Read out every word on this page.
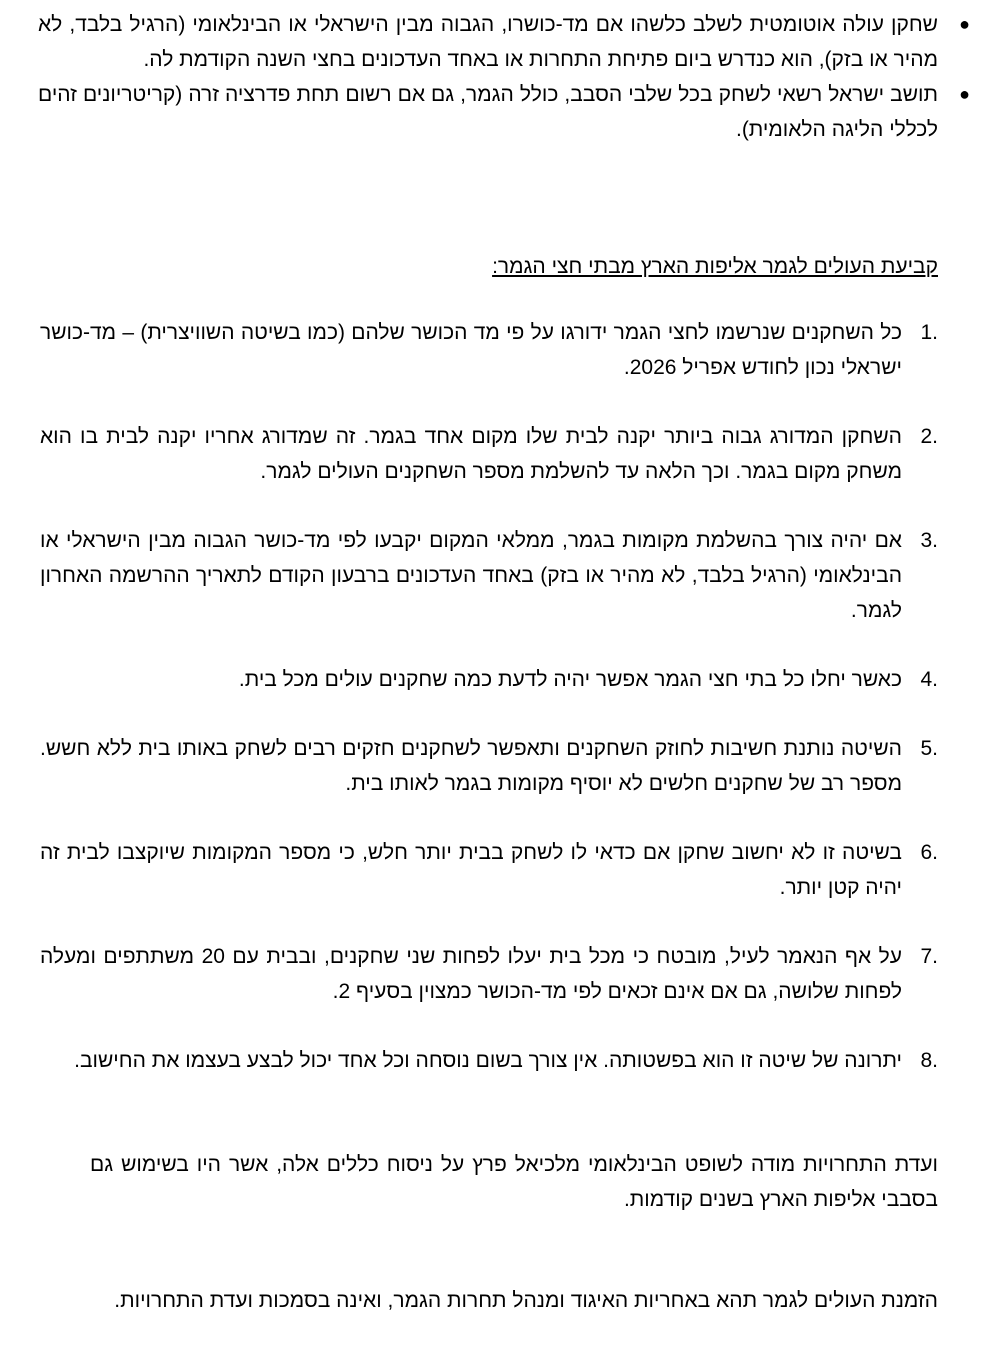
●
שחקן עולה אוטומטית לשלב כלשהו אם מד-כושרו, הגבוה מבין הישראלי או הבינלאומי (הרגיל בלבד, לא מהיר או בזק), הוא כנדרש ביום פתיחת התחרות או באחד העדכונים בחצי השנה הקודמת לה.
●
תושב ישראל רשאי לשחק בכל שלבי הסבב, כולל הגמר, גם אם רשום תחת פדרציה זרה (קריטריונים זהים לכללי הליגה הלאומית).
קביעת העולים לגמר אליפות הארץ מבתי חצי הגמר:
1.
כל השחקנים שנרשמו לחצי הגמר ידורגו על פי מד הכושר שלהם (כמו בשיטה השוויצרית) – מד-כושר ישראלי נכון לחודש אפריל 2026.
2.
השחקן המדורג גבוה ביותר יקנה לבית שלו מקום אחד בגמר. זה שמדורג אחריו יקנה לבית בו הוא משחק מקום בגמר. וכך הלאה עד להשלמת מספר השחקנים העולים לגמר.
3.
אם יהיה צורך בהשלמת מקומות בגמר, ממלאי המקום יקבעו לפי מד-כושר הגבוה מבין הישראלי או הבינלאומי (הרגיל בלבד, לא מהיר או בזק) באחד העדכונים ברבעון הקודם לתאריך ההרשמה האחרון לגמר.
4.
כאשר יחלו כל בתי חצי הגמר אפשר יהיה לדעת כמה שחקנים עולים מכל בית.
5.
השיטה נותנת חשיבות לחוזק השחקנים ותאפשר לשחקנים חזקים רבים לשחק באותו בית ללא חשש. מספר רב של שחקנים חלשים לא יוסיף מקומות בגמר לאותו בית.
6.
בשיטה זו לא יחשוב שחקן אם כדאי לו לשחק בבית יותר חלש, כי מספר המקומות שיוקצבו לבית זה יהיה קטן יותר.
7.
על אף הנאמר לעיל, מובטח כי מכל בית יעלו לפחות שני שחקנים, ובבית עם 20 משתתפים ומעלה לפחות שלושה, גם אם אינם זכאים לפי מד-הכושר כמצוין בסעיף 2.
8.
יתרונה של שיטה זו הוא בפשטותה. אין צורך בשום נוסחה וכל אחד יכול לבצע בעצמו את החישוב.

ועדת התחרויות מודה לשופט הבינלאומי מלכיאל פרץ על ניסוח כללים אלה, אשר היו בשימוש גם בסבבי אליפות הארץ בשנים קודמות.

הזמנת העולים לגמר תהא באחריות האיגוד ומנהל תחרות הגמר, ואינה בסמכות ועדת התחרויות.
